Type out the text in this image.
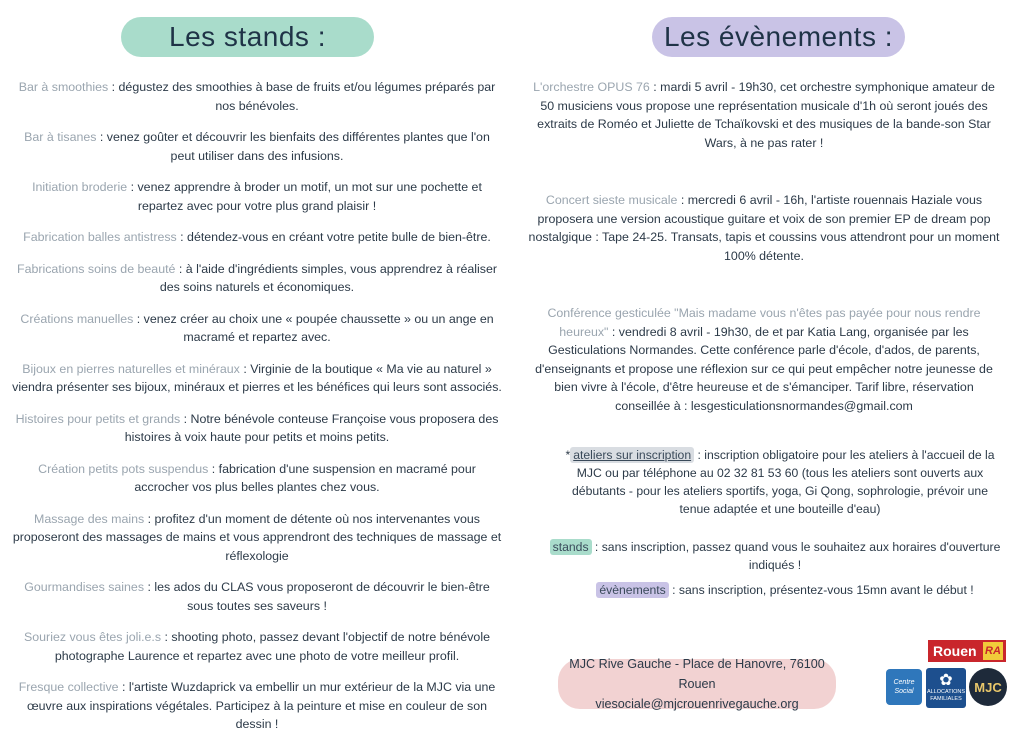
Les stands :	Les évènements :
Bar à smoothies : dégustez des smoothies à base de fruits et/ou légumes préparés par nos bénévoles.
Bar à tisanes : venez goûter et découvrir les bienfaits des différentes plantes que l'on peut utiliser dans des infusions.
Initiation broderie : venez apprendre à broder un motif, un mot sur une pochette et repartez avec pour votre plus grand plaisir !
Fabrication balles antistress : détendez-vous en créant votre petite bulle de bien-être.
Fabrications soins de beauté : à l'aide d'ingrédients simples, vous apprendrez à réaliser des soins naturels et économiques.
Créations manuelles : venez créer au choix une « poupée chaussette » ou un ange en macramé et repartez avec.
Bijoux en pierres naturelles et minéraux : Virginie de la boutique « Ma vie au naturel » viendra présenter ses bijoux, minéraux et pierres et les bénéfices qui leurs sont associés.
Histoires pour petits et grands : Notre bénévole conteuse Françoise vous proposera des histoires à voix haute pour petits et moins petits.
Création petits pots suspendus : fabrication d'une suspension en macramé pour accrocher vos plus belles plantes chez vous.
Massage des mains : profitez d'un moment de détente où nos intervenantes vous proposeront des massages de mains et vous apprendront des techniques de massage et réflexologie
Gourmandises saines : les ados du CLAS vous proposeront de découvrir le bien-être sous toutes ses saveurs !
Souriez vous êtes joli.e.s : shooting photo, passez devant l'objectif de notre bénévole photographe Laurence et repartez avec une photo de votre meilleur profil.
Fresque collective : l'artiste Wuzdaprick va embellir un mur extérieur de la MJC via une œuvre aux inspirations végétales. Participez à la peinture et mise en couleur de son dessin !
L'orchestre OPUS 76 : mardi 5 avril - 19h30, cet orchestre symphonique amateur de 50 musiciens vous propose une représentation musicale d'1h où seront joués des extraits de Roméo et Juliette de Tchaïkovski et des musiques de la bande-son Star Wars, à ne pas rater !
Concert sieste musicale : mercredi 6 avril - 16h, l'artiste rouennais Haziale vous proposera une version acoustique guitare et voix de son premier EP de dream pop nostalgique : Tape 24-25. Transats, tapis et coussins vous attendront pour un moment 100% détente.
Conférence gesticulée "Mais madame vous n'êtes pas payée pour nous rendre heureux" : vendredi 8 avril - 19h30, de et par Katia Lang, organisée par les Gesticulations Normandes. Cette conférence parle d'école, d'ados, de parents, d'enseignants et propose une réflexion sur ce qui peut empêcher notre jeunesse de bien vivre à l'école, d'être heureuse et de s'émanciper. Tarif libre, réservation conseillée à : lesgesticulationsnormandes@gmail.com
* ateliers sur inscription : inscription obligatoire pour les ateliers à l'accueil de la MJC ou par téléphone au 02 32 81 53 60 (tous les ateliers sont ouverts aux débutants - pour les ateliers sportifs, yoga, Gi Qong, sophrologie, prévoir une tenue adaptée et une bouteille d'eau)
stands : sans inscription, passez quand vous le souhaitez aux horaires d'ouverture indiqués !
évènements : sans inscription, présentez-vous 15mn avant le début !
MJC Rive Gauche - Place de Hanovre, 76100 Rouen
viesociale@mjcrouenrivegauche.org
Rouen RA
Centre Social
✿
ALLOCATIONS FAMILIALES
MJC
